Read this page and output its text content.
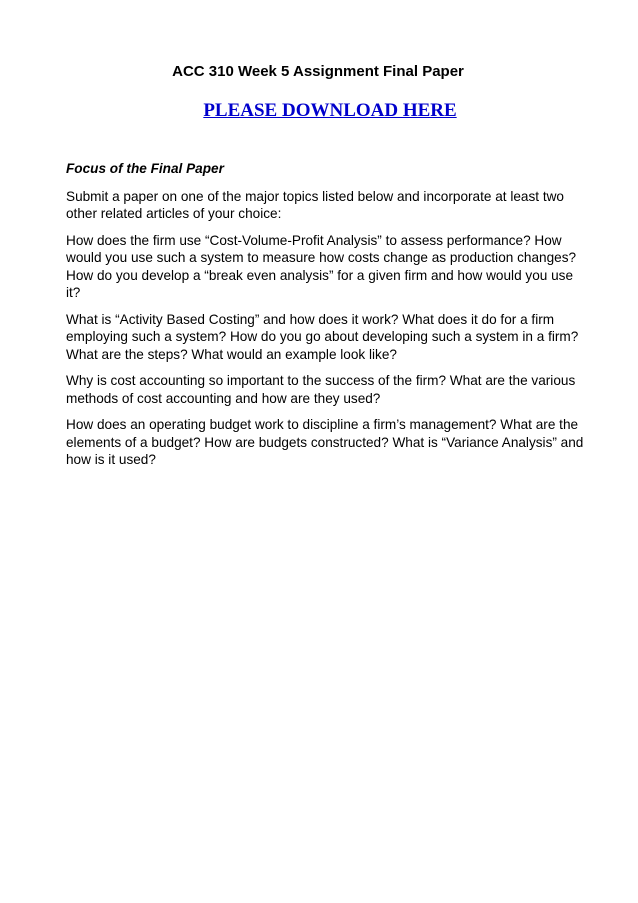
ACC 310 Week 5 Assignment Final Paper
PLEASE DOWNLOAD HERE

Focus of the Final Paper

Submit a paper on one of the major topics listed below and incorporate at least two other related articles of your choice:

How does the firm use “Cost-Volume-Profit Analysis” to assess performance? How would you use such a system to measure how costs change as production changes? How do you develop a “break even analysis” for a given firm and how would you use it?

What is “Activity Based Costing” and how does it work? What does it do for a firm employing such a system? How do you go about developing such a system in a firm? What are the steps? What would an example look like?

Why is cost accounting so important to the success of the firm? What are the various methods of cost accounting and how are they used?

How does an operating budget work to discipline a firm’s management? What are the elements of a budget? How are budgets constructed? What is “Variance Analysis” and how is it used?
